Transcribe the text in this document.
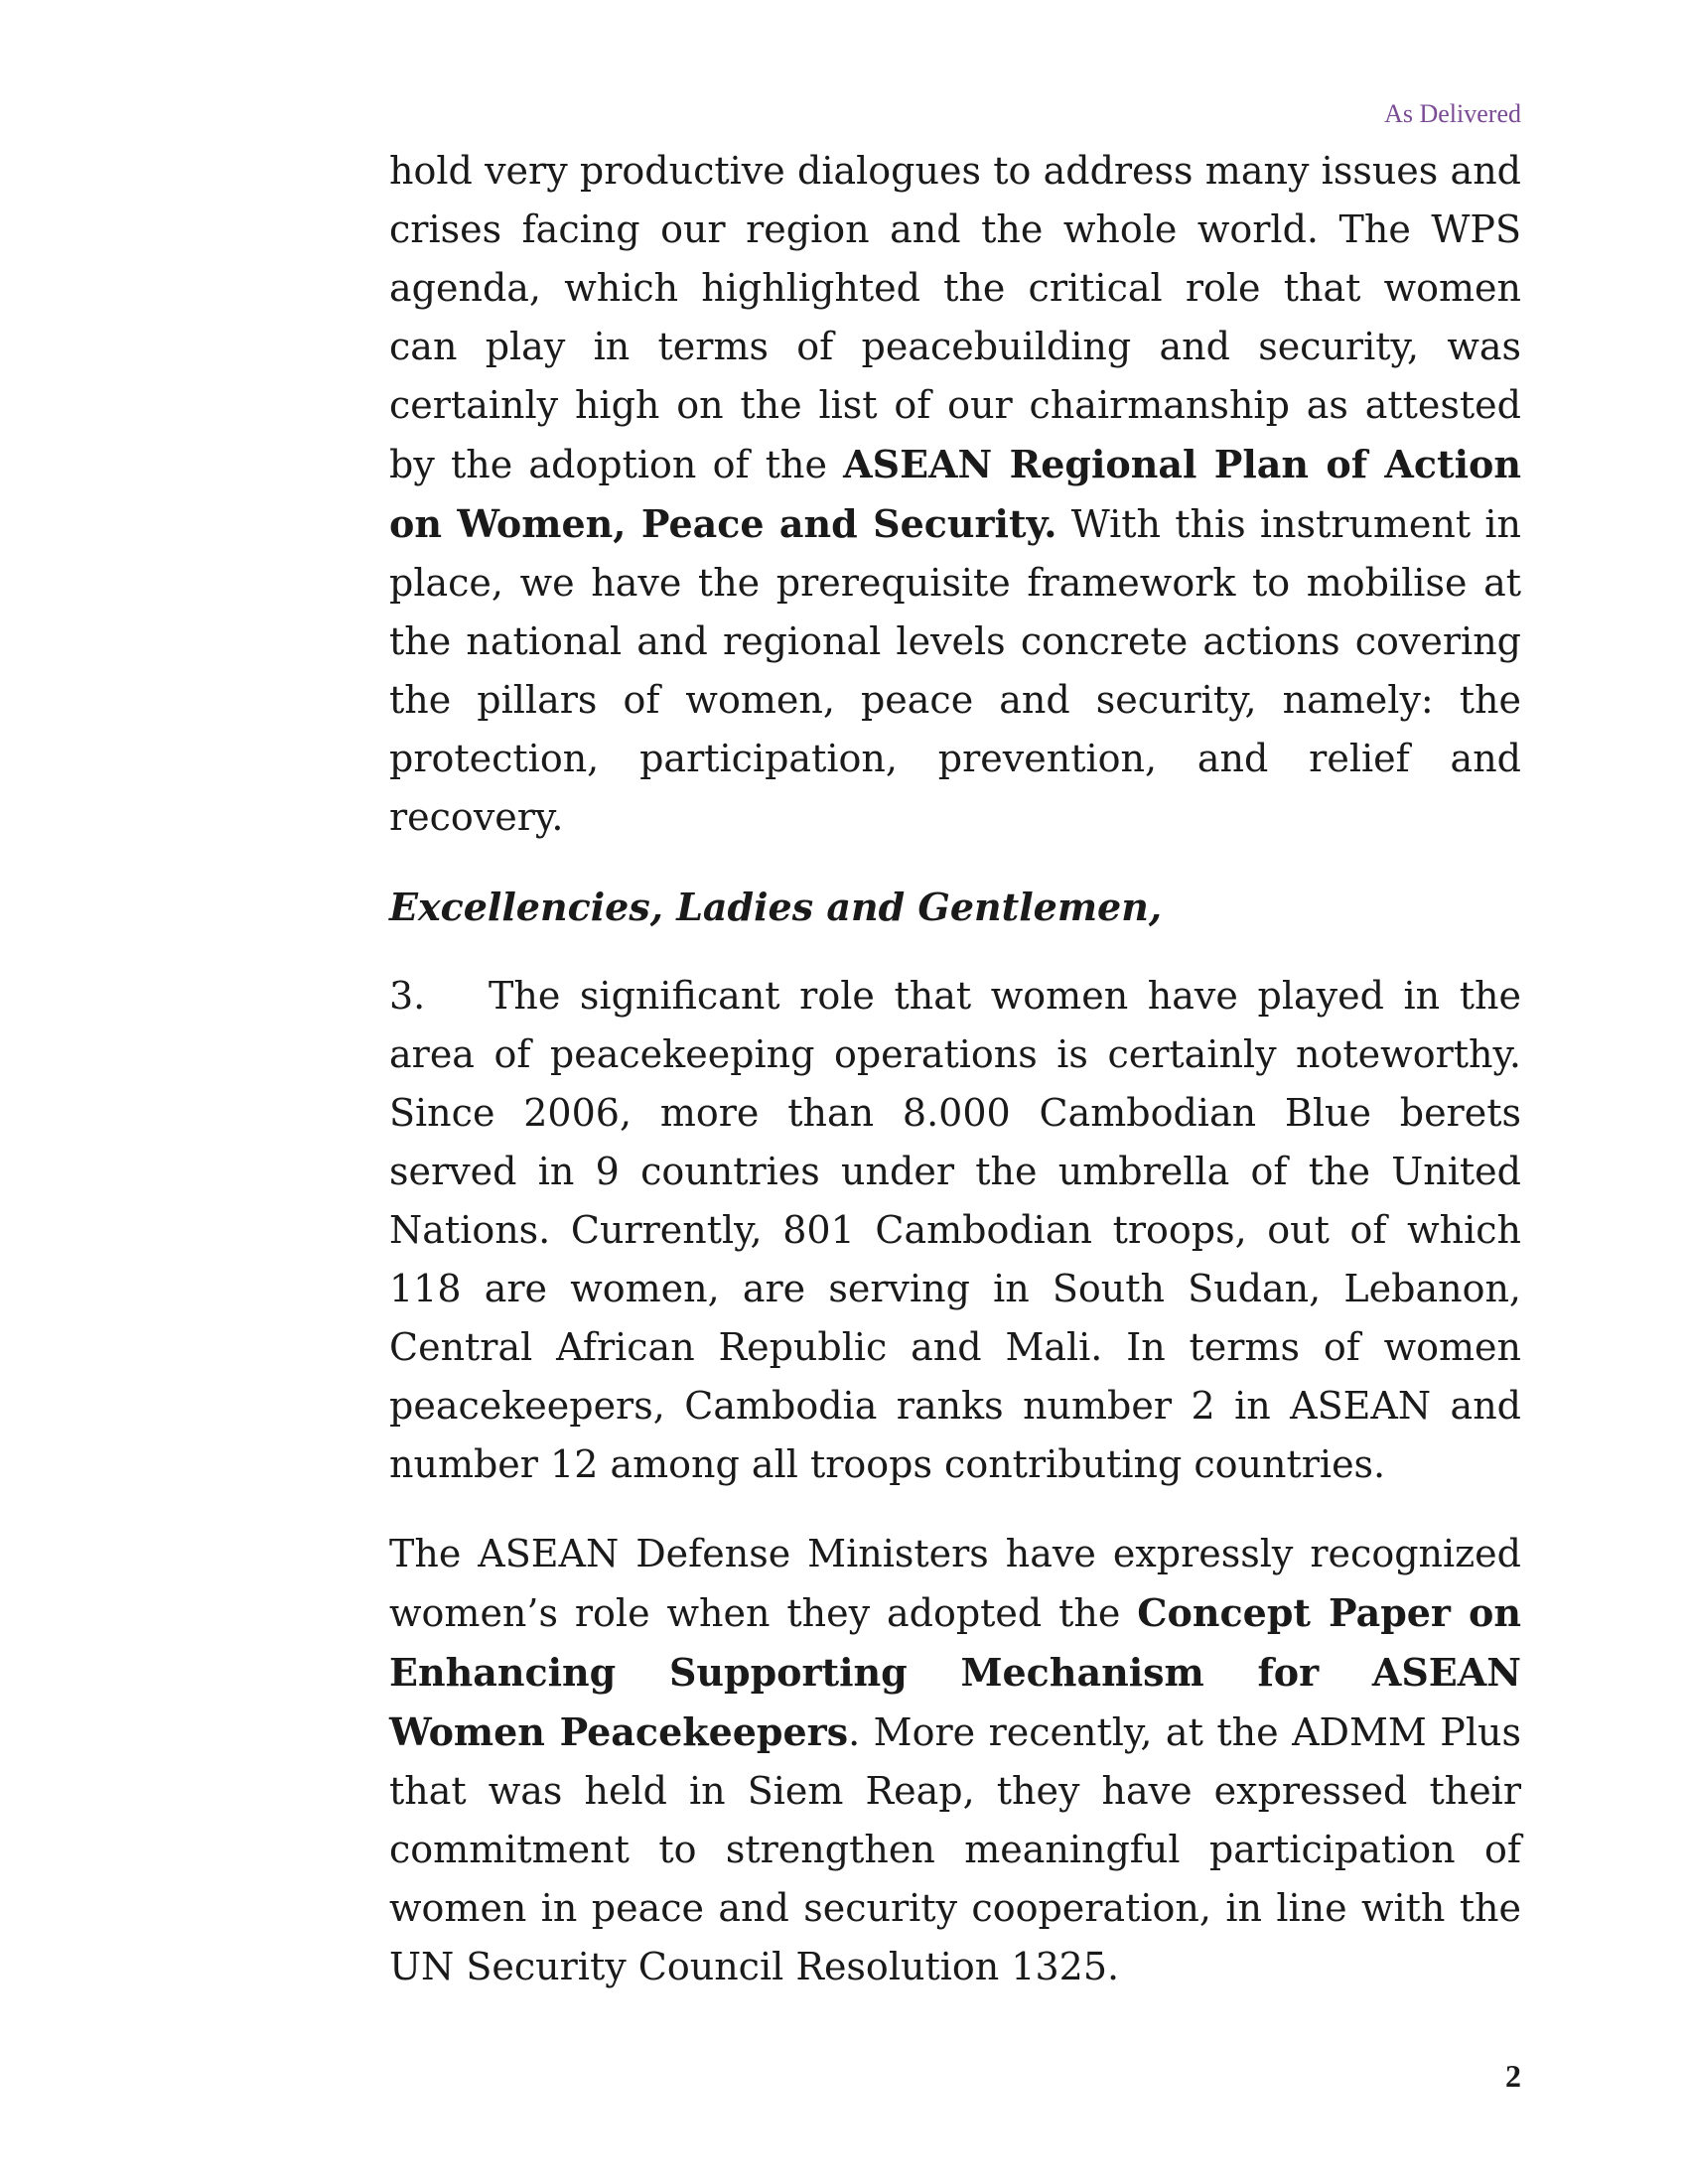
As Delivered

hold very productive dialogues to address many issues and crises facing our region and the whole world. The WPS agenda, which highlighted the critical role that women can play in terms of peacebuilding and security, was certainly high on the list of our chairmanship as attested by the adoption of the ASEAN Regional Plan of Action on Women, Peace and Security. With this instrument in place, we have the prerequisite framework to mobilise at the national and regional levels concrete actions covering the pillars of women, peace and security, namely: the protection, participation, prevention, and relief and recovery.

Excellencies, Ladies and Gentlemen,

3. The significant role that women have played in the area of peacekeeping operations is certainly noteworthy. Since 2006, more than 8.000 Cambodian Blue berets served in 9 countries under the umbrella of the United Nations. Currently, 801 Cambodian troops, out of which 118 are women, are serving in South Sudan, Lebanon, Central African Republic and Mali. In terms of women peacekeepers, Cambodia ranks number 2 in ASEAN and number 12 among all troops contributing countries.

The ASEAN Defense Ministers have expressly recognized women’s role when they adopted the Concept Paper on Enhancing Supporting Mechanism for ASEAN Women Peacekeepers. More recently, at the ADMM Plus that was held in Siem Reap, they have expressed their commitment to strengthen meaningful participation of women in peace and security cooperation, in line with the UN Security Council Resolution 1325.

2
